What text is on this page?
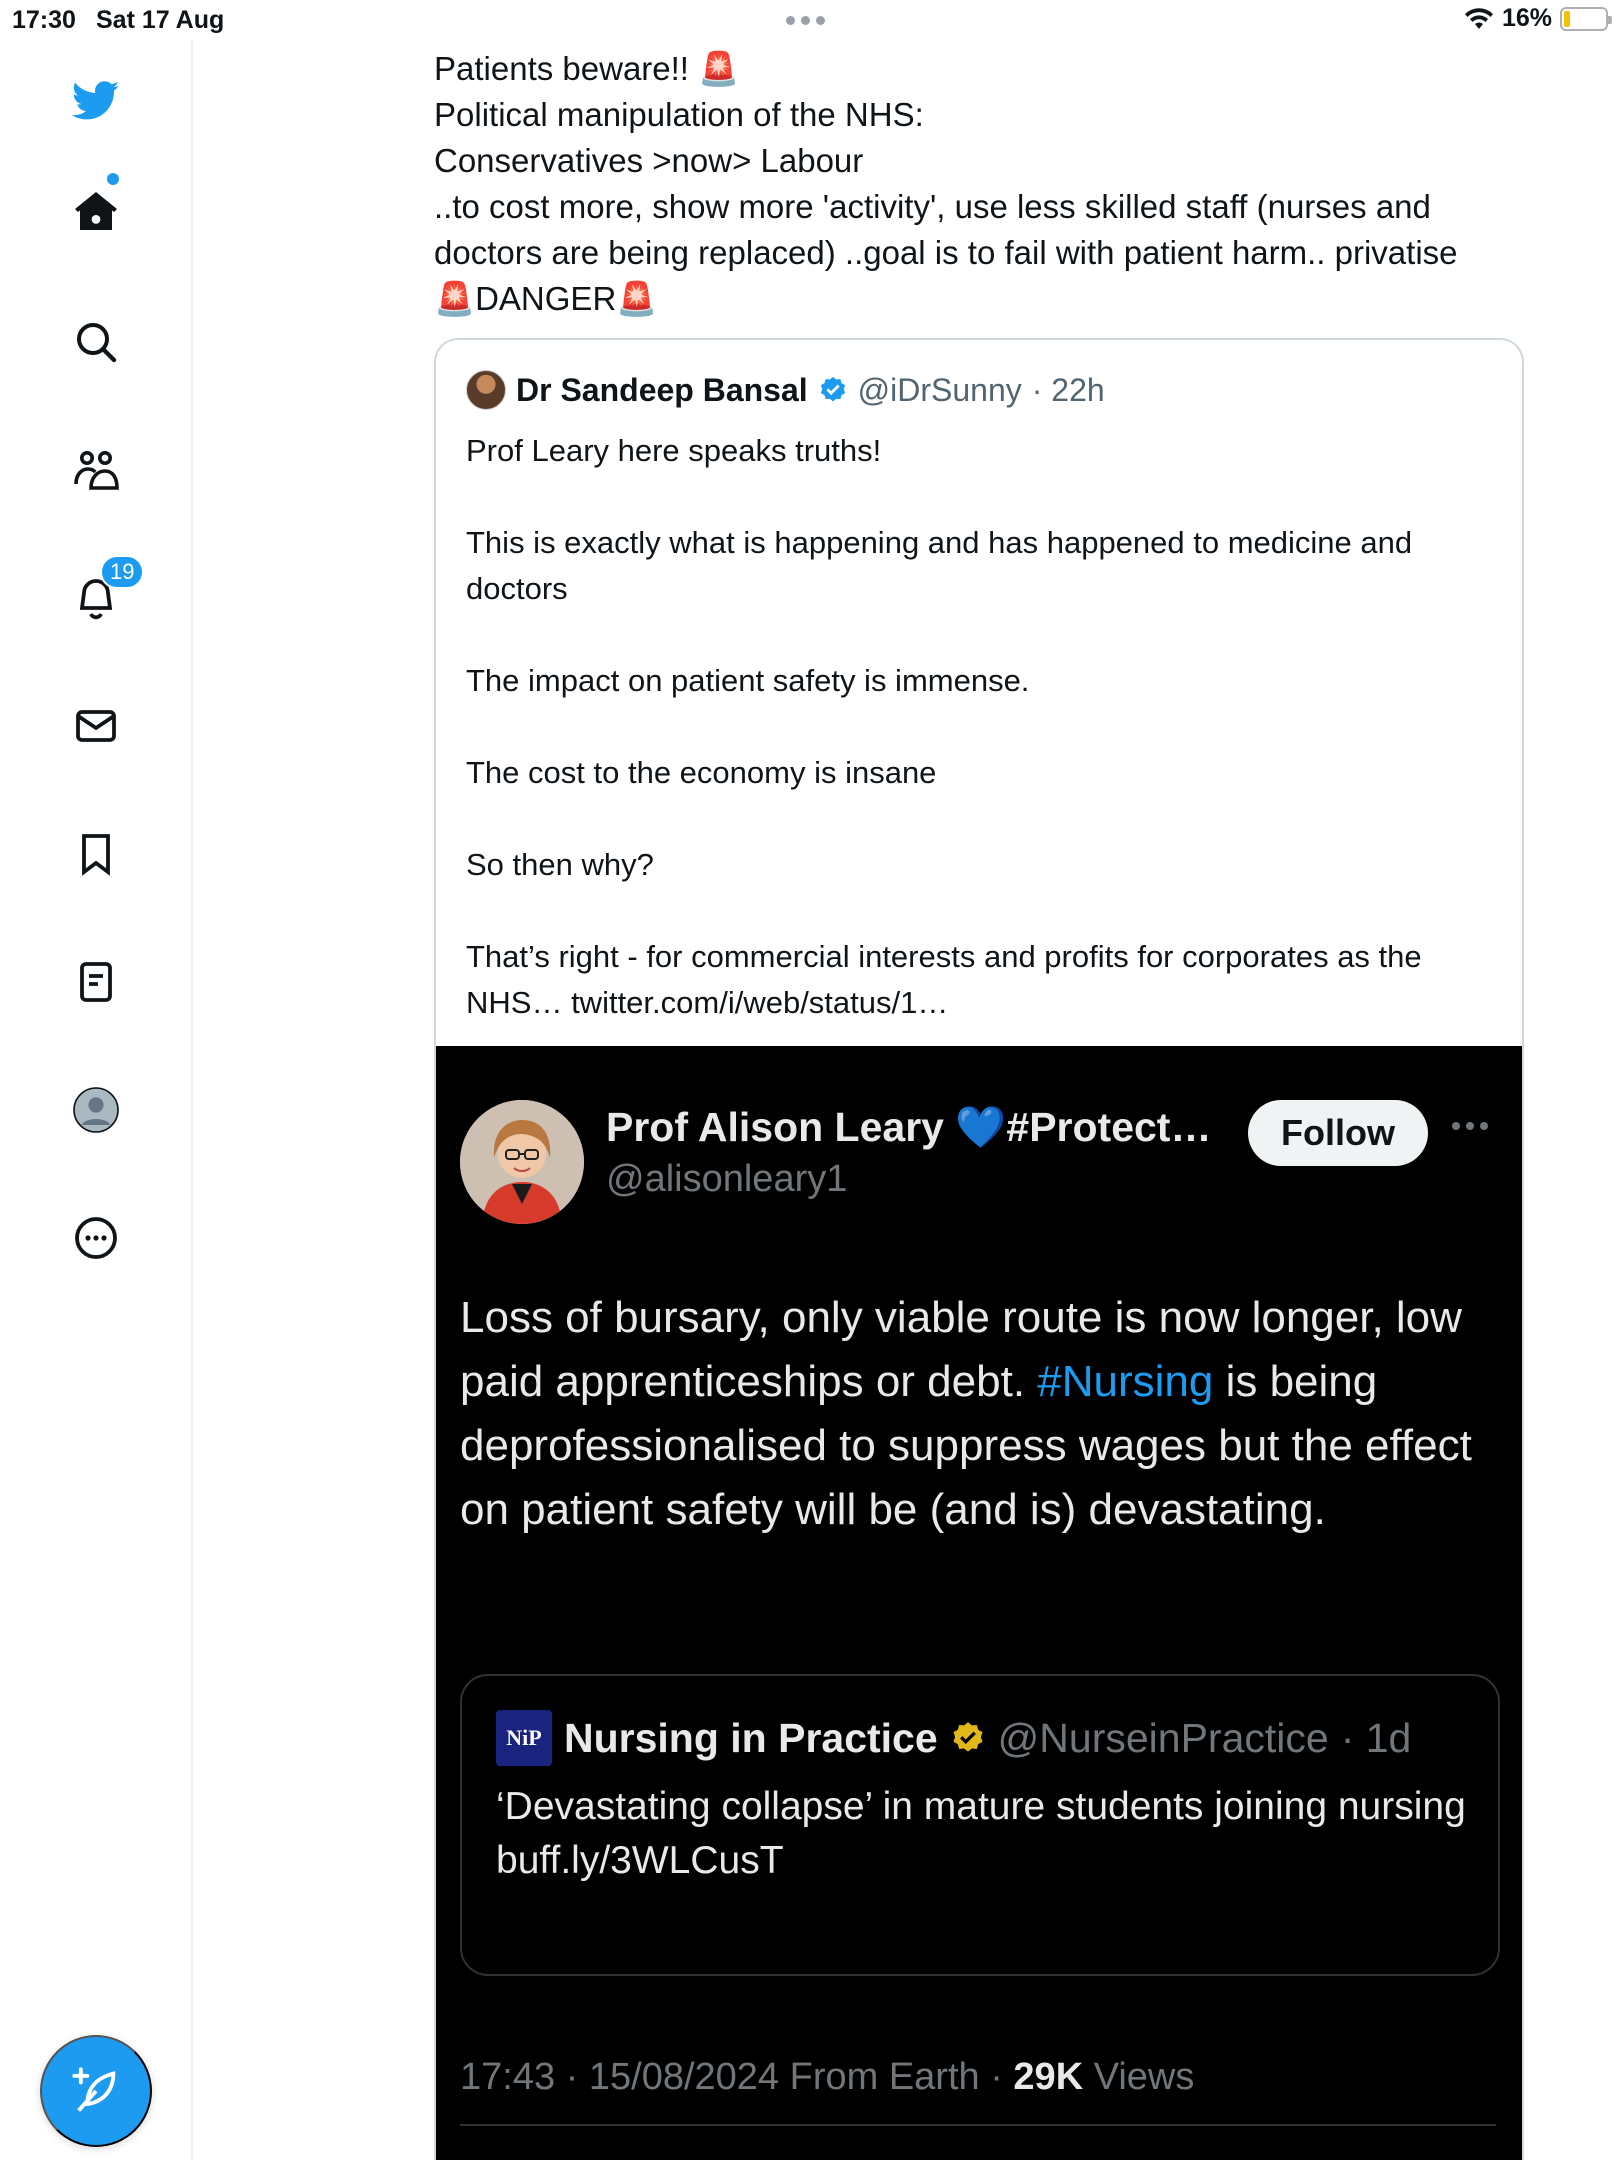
17:30 Sat 17 Aug	16%
19
Patients beware!! 🚨
Political manipulation of the NHS:
Conservatives >now> Labour
..to cost more, show more 'activity', use less skilled staff (nurses and doctors are being replaced) ..goal is to fail with patient harm.. privatise
🚨DANGER🚨
Dr Sandeep Bansal @iDrSunny · 22h
Prof Leary here speaks truths!

This is exactly what is happening and has happened to medicine and doctors

The impact on patient safety is immense.

The cost to the economy is insane

So then why?

That’s right - for commercial interests and profits for corporates as the NHS… twitter.com/i/web/status/1…
Prof Alison Leary 💙#Protect…
@alisonleary1
Follow
Loss of bursary, only viable route is now longer, low paid apprenticeships or debt. #Nursing is being deprofessionalised to suppress wages but the effect on patient safety will be (and is) devastating.
NiP Nursing in Practice @NurseinPractice · 1d
‘Devastating collapse’ in mature students joining nursing
buff.ly/3WLCusT
17:43 · 15/08/2024 From Earth · 29K Views
